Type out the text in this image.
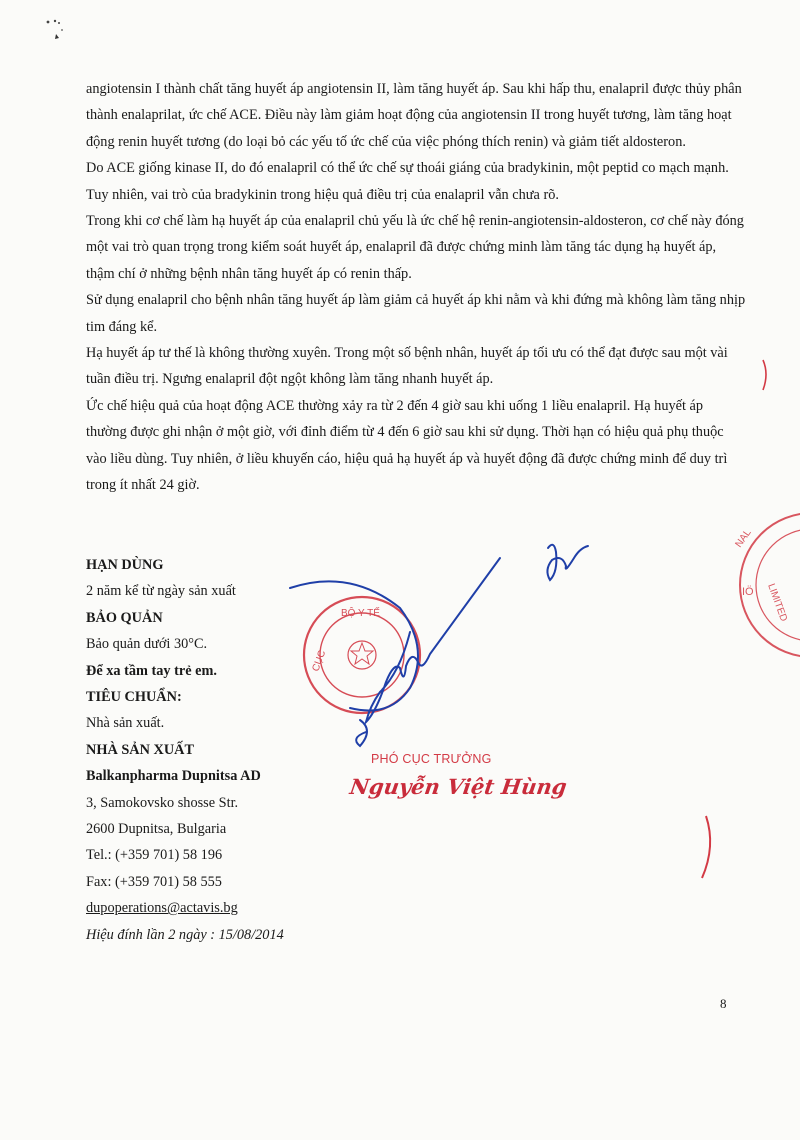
angiotensin I thành chất tăng huyết áp angiotensin II, làm tăng huyết áp. Sau khi hấp thu, enalapril được thủy phân thành enalaprilat, ức chế ACE. Điều này làm giảm hoạt động của angiotensin II trong huyết tương, làm tăng hoạt động renin huyết tương (do loại bỏ các yếu tố ức chế của việc phóng thích renin) và giảm tiết aldosteron.

Do ACE giống kinase II, do đó enalapril có thể ức chế sự thoái giáng của bradykinin, một peptid co mạch mạnh. Tuy nhiên, vai trò của bradykinin trong hiệu quả điều trị của enalapril vẫn chưa rõ.

Trong khi cơ chế làm hạ huyết áp của enalapril chủ yếu là ức chế hệ renin-angiotensin-aldosteron, cơ chế này đóng một vai trò quan trọng trong kiểm soát huyết áp, enalapril đã được chứng minh làm tăng tác dụng hạ huyết áp, thậm chí ở những bệnh nhân tăng huyết áp có renin thấp.

Sử dụng enalapril cho bệnh nhân tăng huyết áp làm giảm cả huyết áp khi nằm và khi đứng mà không làm tăng nhịp tim đáng kể.

Hạ huyết áp tư thế là không thường xuyên. Trong một số bệnh nhân, huyết áp tối ưu có thể đạt được sau một vài tuần điều trị. Ngưng enalapril đột ngột không làm tăng nhanh huyết áp.

Ức chế hiệu quả của hoạt động ACE thường xảy ra từ 2 đến 4 giờ sau khi uống 1 liều enalapril. Hạ huyết áp thường được ghi nhận ở một giờ, với đỉnh điểm từ 4 đến 6 giờ sau khi sử dụng. Thời hạn có hiệu quả phụ thuộc vào liều dùng. Tuy nhiên, ở liều khuyến cáo, hiệu quả hạ huyết áp và huyết động đã được chứng minh để duy trì trong ít nhất 24 giờ.

HẠN DÙNG
2 năm kể từ ngày sản xuất
BẢO QUẢN
Bảo quản dưới 30°C.
Để xa tầm tay trẻ em.
TIÊU CHUẨN:
Nhà sản xuất.
NHÀ SẢN XUẤT
Balkanpharma Dupnitsa AD
3, Samokovsko shosse Str.
2600 Dupnitsa, Bulgaria
Tel.: (+359 701) 58 196
Fax: (+359 701) 58 555
dupoperations@actavis.bg
Hiệu đính lần 2 ngày : 15/08/2014
8
BỘ Y TẾ
CỤC
NAL
LIMITED
IÖ
PHÓ CỤC TRƯỞNG
Nguyễn Việt Hùng
